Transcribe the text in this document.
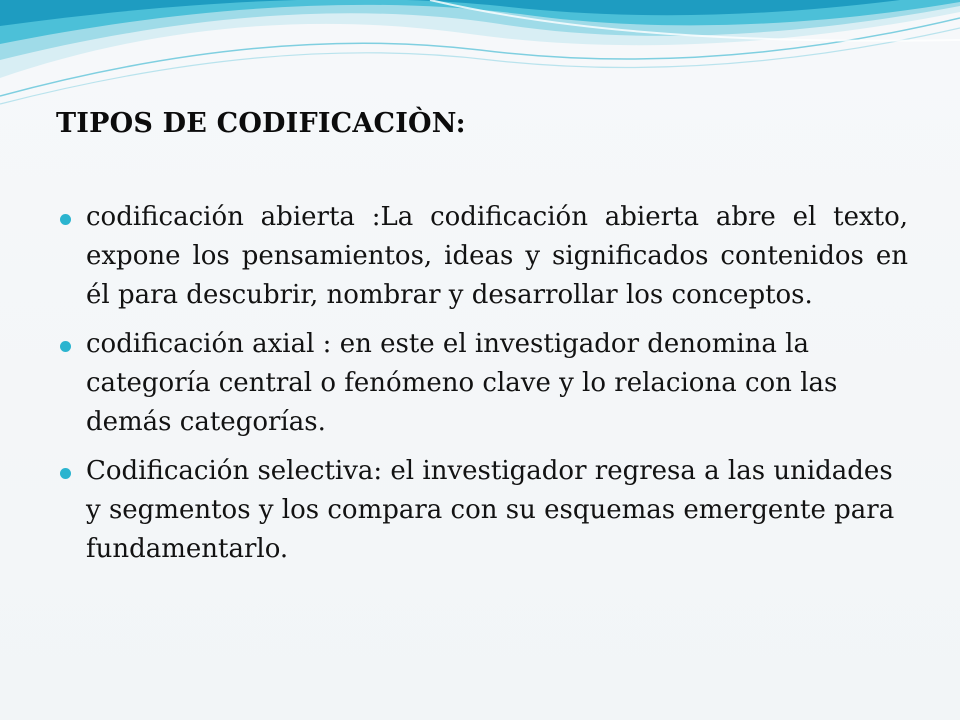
TIPOS DE CODIFICACIÒN:
codificación abierta :La codificación abierta abre el texto, expone los pensamientos, ideas y significados contenidos en él para descubrir, nombrar y desarrollar los conceptos.
codificación axial : en este el investigador denomina la categoría central o fenómeno clave y lo relaciona con las demás categorías.
Codificación selectiva: el investigador regresa a las unidades y segmentos y los compara con su esquemas emergente para fundamentarlo.
